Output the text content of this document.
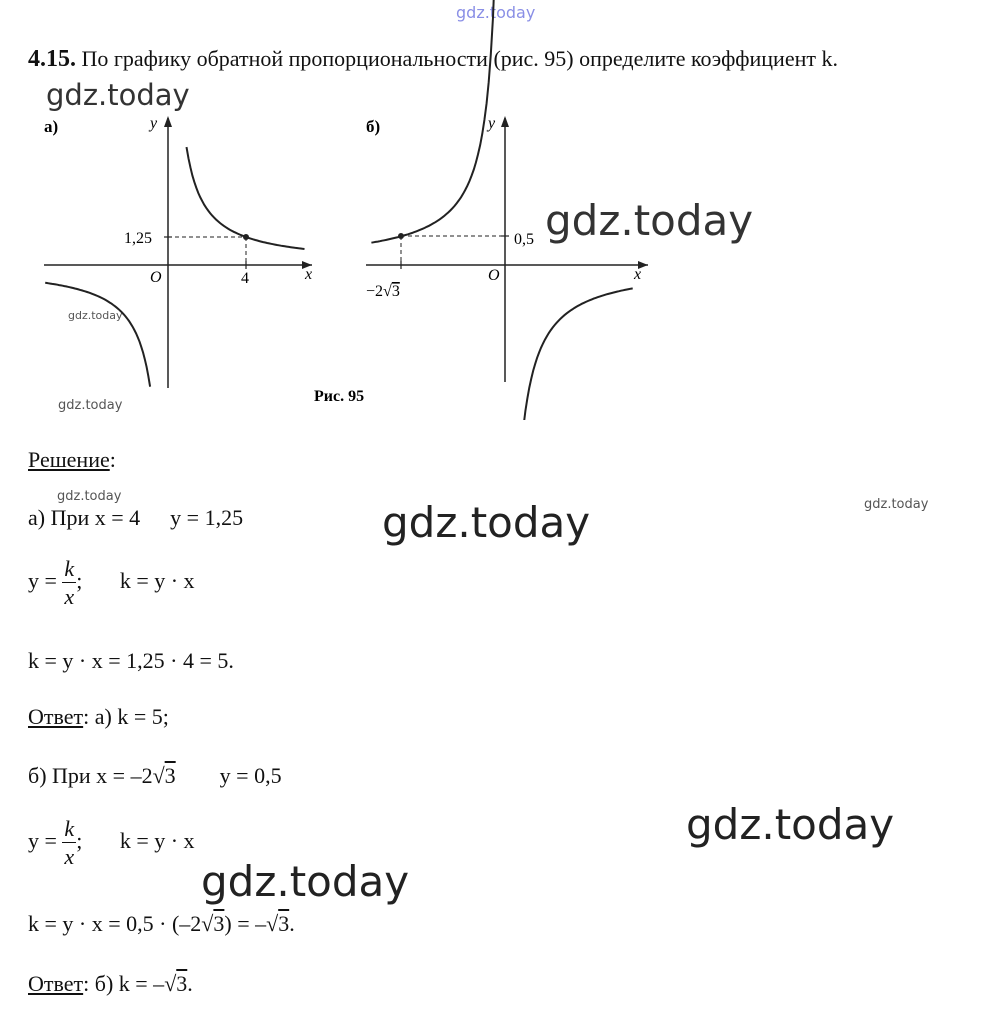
gdz.today
gdz.today
gdz.today
gdz.today
gdz.today
gdz.today
gdz.today
gdz.today
gdz.today
gdz.today
4.15. По графику обратной пропорциональности (рис. 95) определите коэффициент k.
а)	y
x
O
1,25
4
б)	y
x
O
0,5
−2√3
Рис. 95
Решение:
а) При x = 4 y = 1,25
$y = \frac{k}{x}$ ; k = y · x
k = y · x = 1,25 · 4 = 5.
Ответ: а) k = 5;
б) При x = –2√3 y = 0,5
$y = \frac{k}{x}$ ; k = y · x
k = y · x = 0,5 · (–2√3) = –√3.
Ответ: б) k = –√3.
